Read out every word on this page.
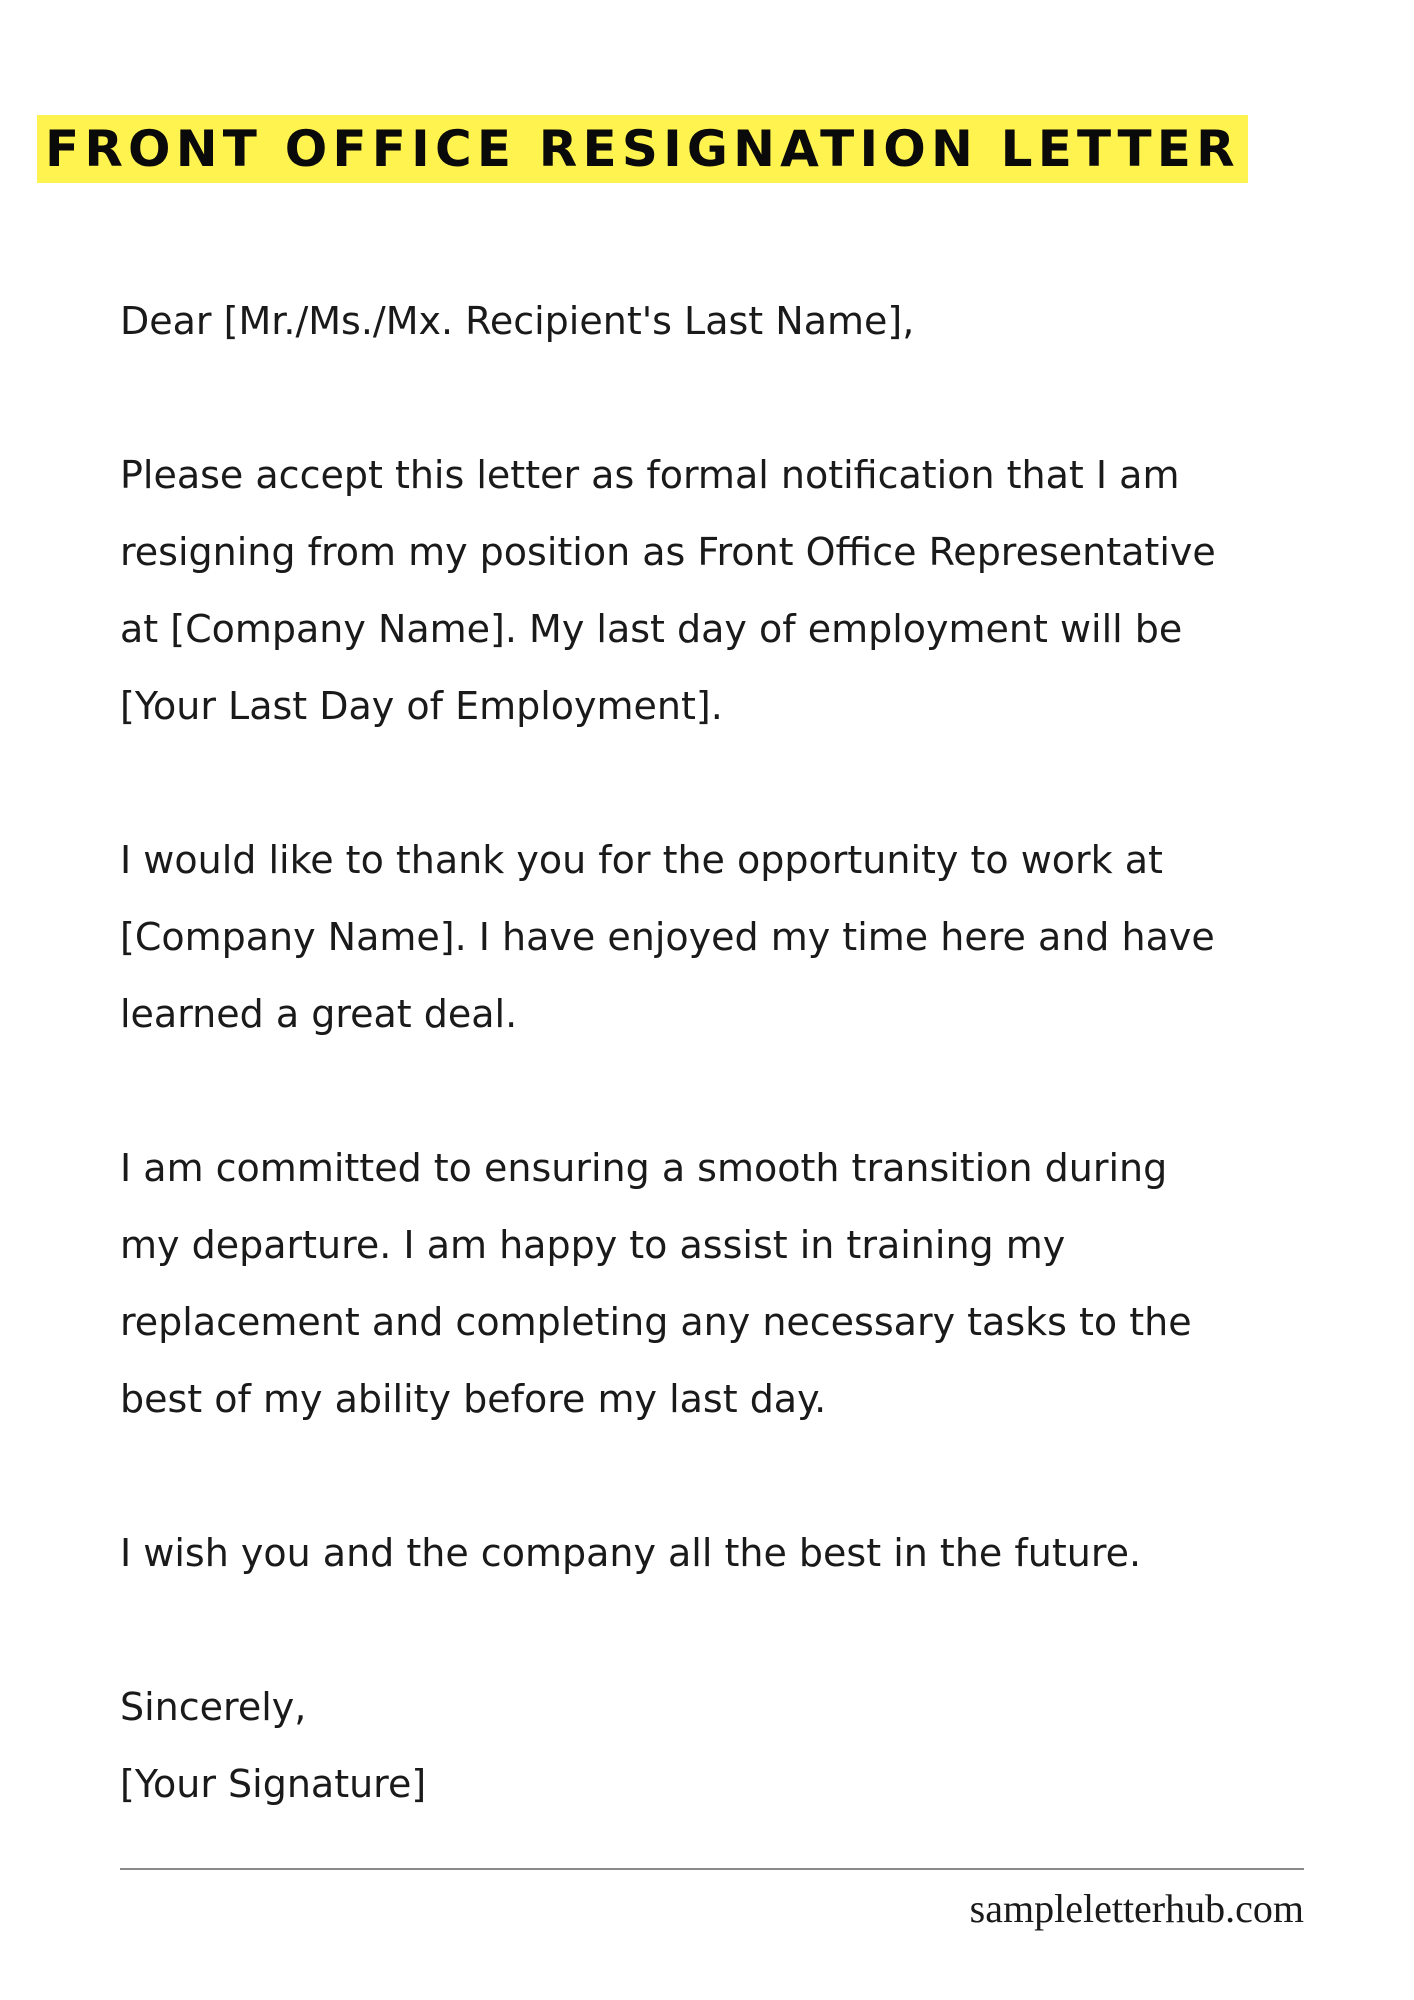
FRONT OFFICE RESIGNATION LETTER

Dear [Mr./Ms./Mx. Recipient's Last Name],

Please accept this letter as formal notification that I am
resigning from my position as Front Office Representative
at [Company Name]. My last day of employment will be
[Your Last Day of Employment].

I would like to thank you for the opportunity to work at
[Company Name]. I have enjoyed my time here and have
learned a great deal.

I am committed to ensuring a smooth transition during
my departure. I am happy to assist in training my
replacement and completing any necessary tasks to the
best of my ability before my last day.

I wish you and the company all the best in the future.

Sincerely,

[Your Signature]

sampleletterhub.com
